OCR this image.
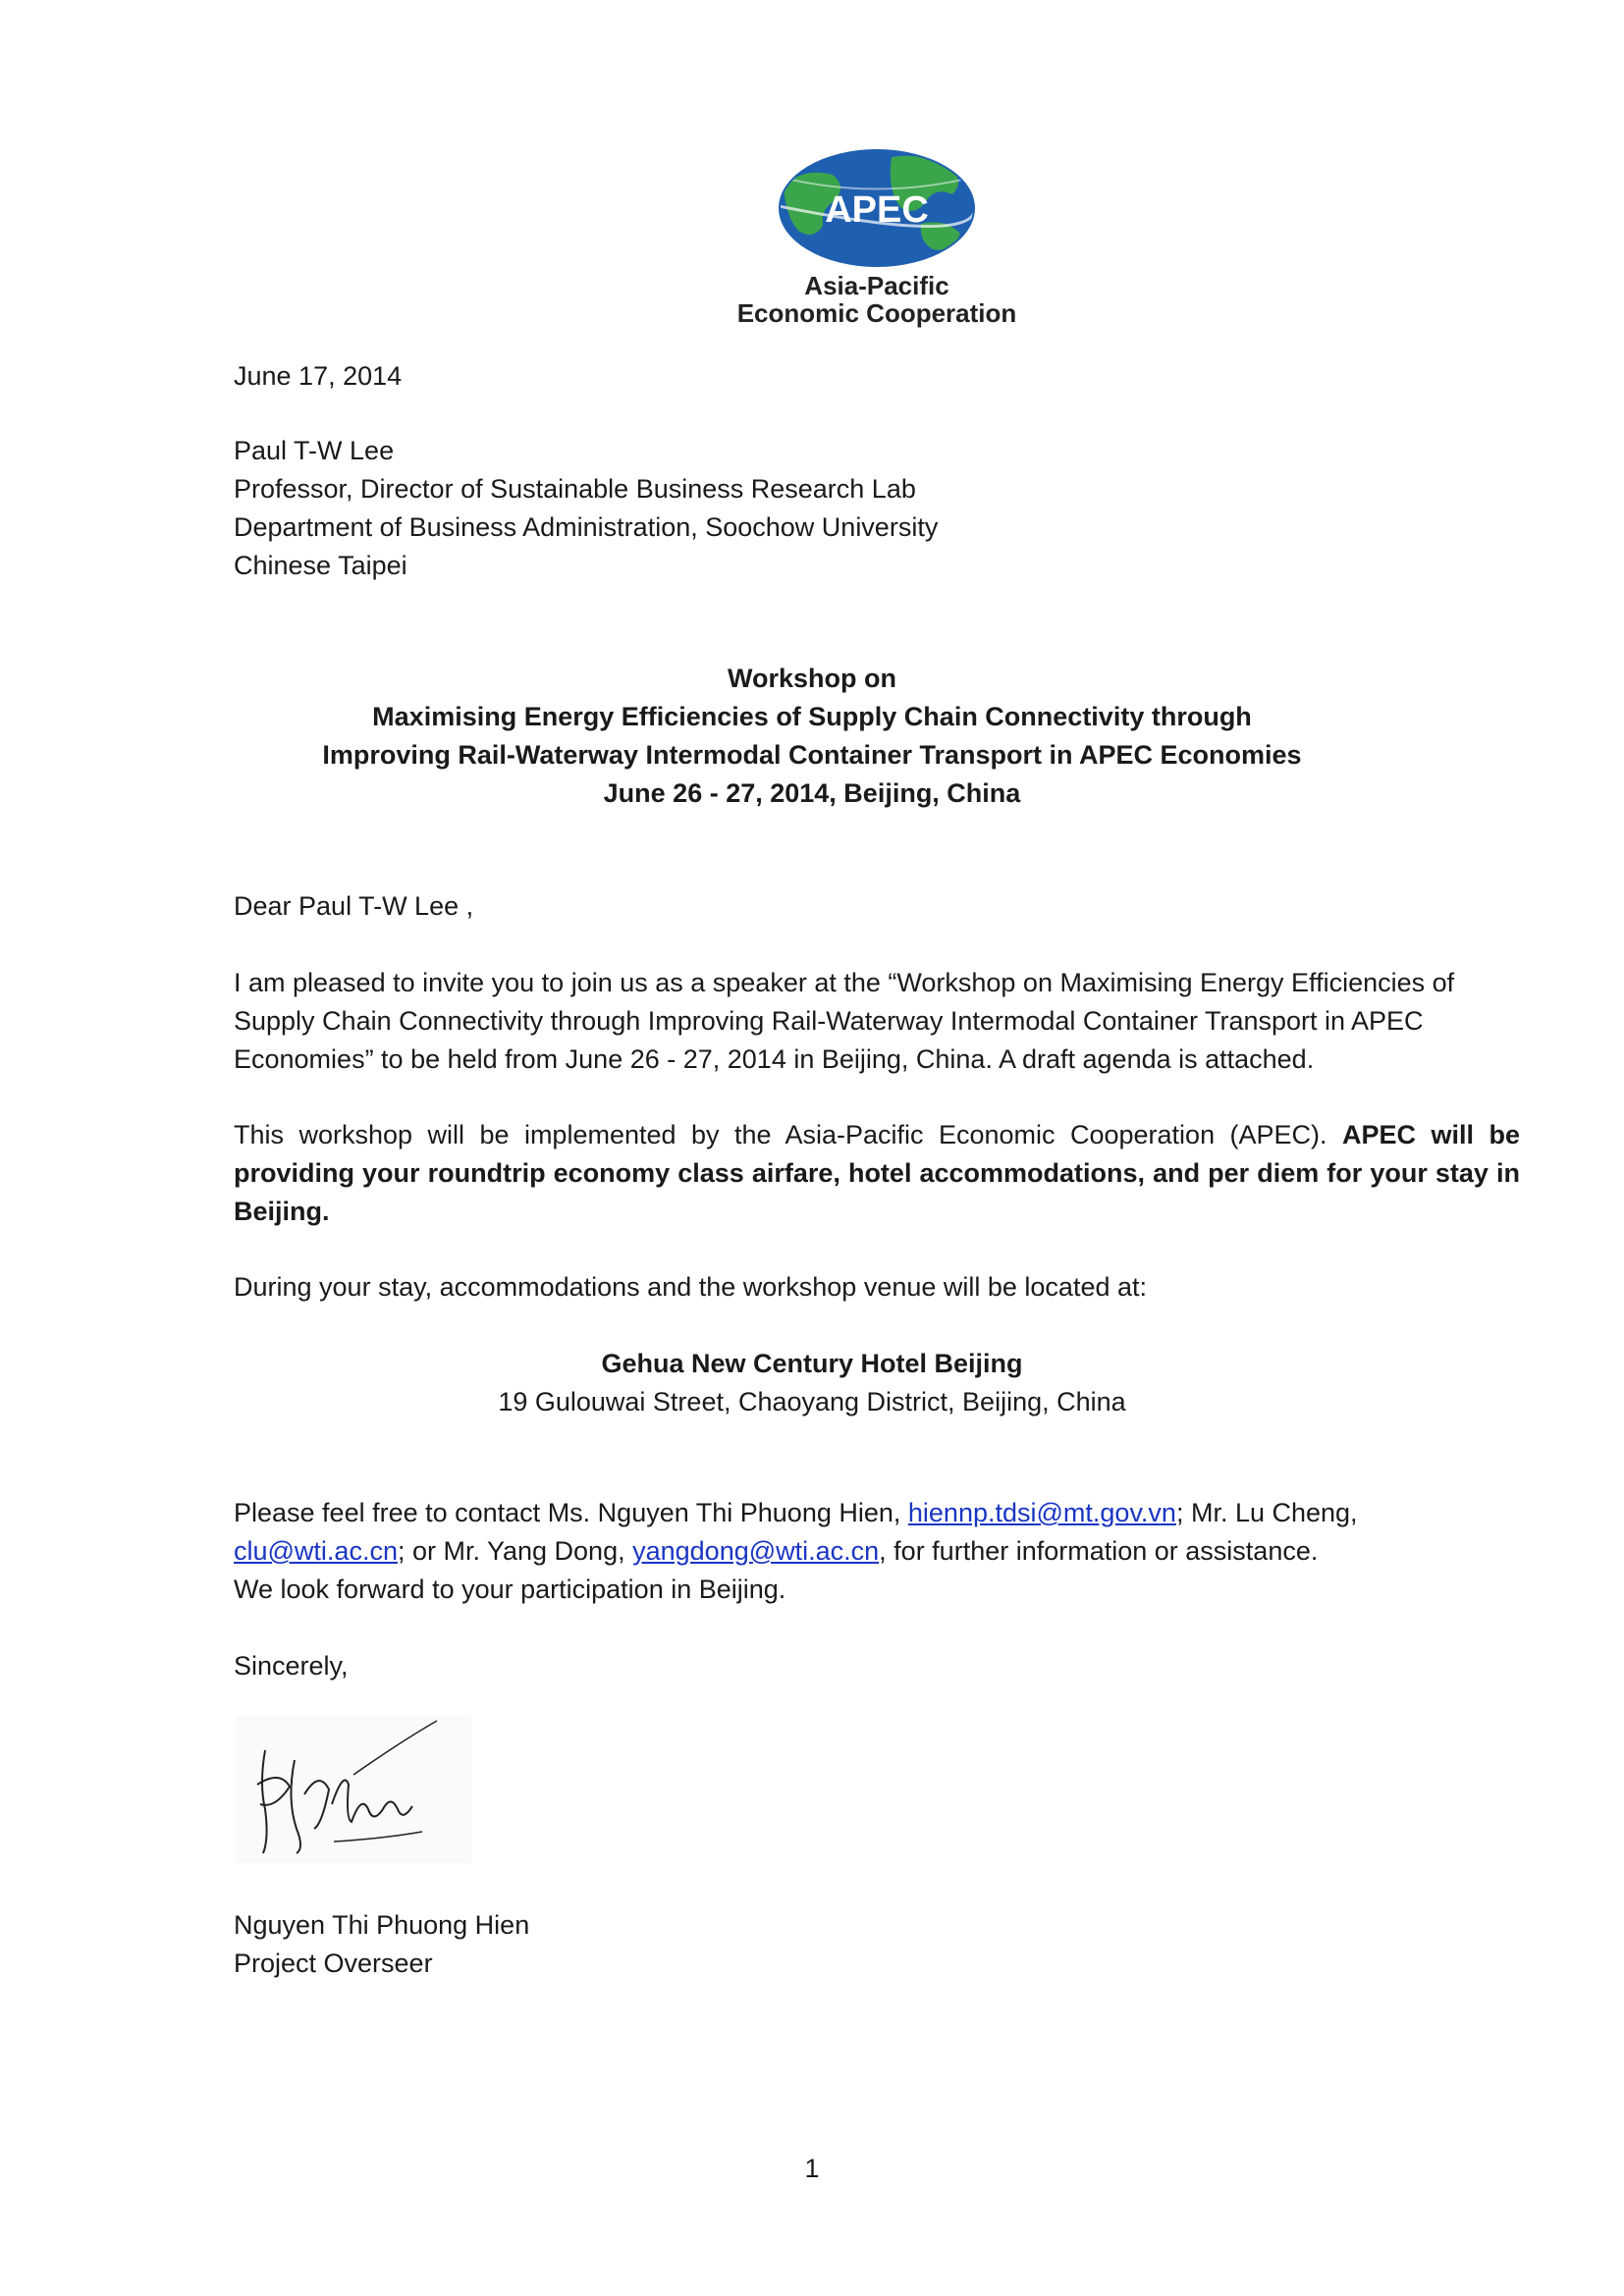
APEC
Asia-Pacific
Economic Cooperation
June 17, 2014
Paul T-W Lee
Professor, Director of Sustainable Business Research Lab
Department of Business Administration, Soochow University
Chinese Taipei
Workshop on
Maximising Energy Efficiencies of Supply Chain Connectivity through
Improving Rail-Waterway Intermodal Container Transport in APEC Economies
June 26 - 27, 2014, Beijing, China
Dear Paul T-W Lee ,
I am pleased to invite you to join us as a speaker at the “Workshop on Maximising Energy Efficiencies of Supply Chain Connectivity through Improving Rail-Waterway Intermodal Container Transport in APEC Economies” to be held from June 26 - 27, 2014 in Beijing, China. A draft agenda is attached.
This workshop will be implemented by the Asia-Pacific Economic Cooperation (APEC). APEC will be providing your roundtrip economy class airfare, hotel accommodations, and per diem for your stay in Beijing.
During your stay, accommodations and the workshop venue will be located at:
Gehua New Century Hotel Beijing
19 Gulouwai Street, Chaoyang District, Beijing, China
Please feel free to contact Ms. Nguyen Thi Phuong Hien, hiennp.tdsi@mt.gov.vn; Mr. Lu Cheng,
clu@wti.ac.cn; or Mr. Yang Dong, yangdong@wti.ac.cn, for further information or assistance.
We look forward to your participation in Beijing.
Sincerely,
Nguyen Thi Phuong Hien
Project Overseer
1
